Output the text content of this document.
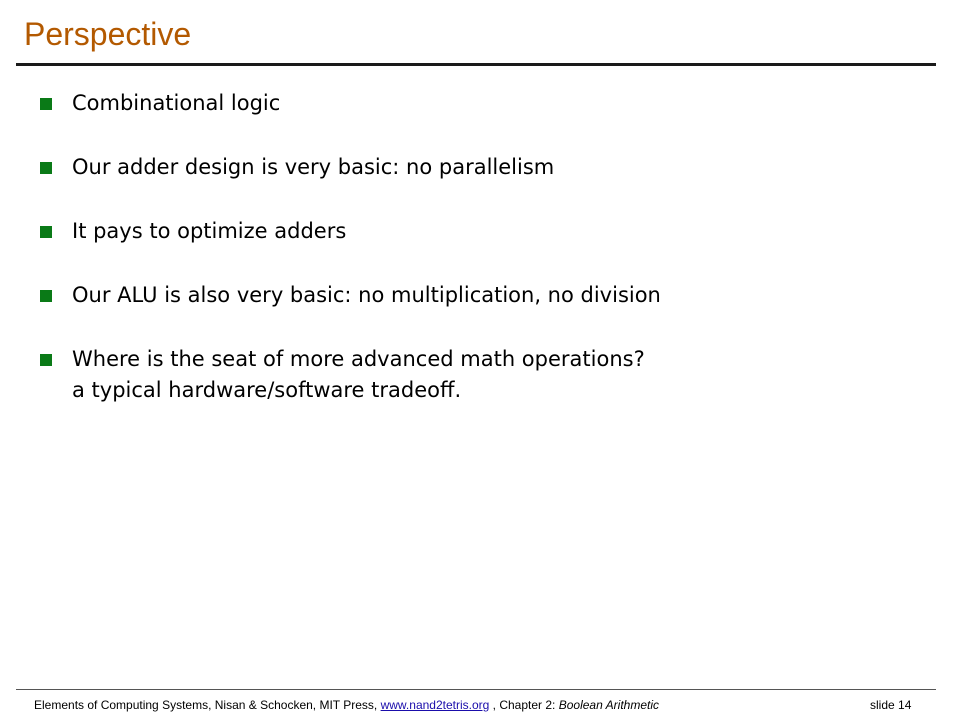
Perspective
Combinational logic
Our adder design is very basic: no parallelism
It pays to optimize adders
Our ALU is also very basic: no multiplication, no division
Where is the seat of more advanced math operations?
a typical hardware/software tradeoff.
Elements of Computing Systems, Nisan & Schocken, MIT Press, www.nand2tetris.org , Chapter 2: Boolean Arithmetic	slide 14
